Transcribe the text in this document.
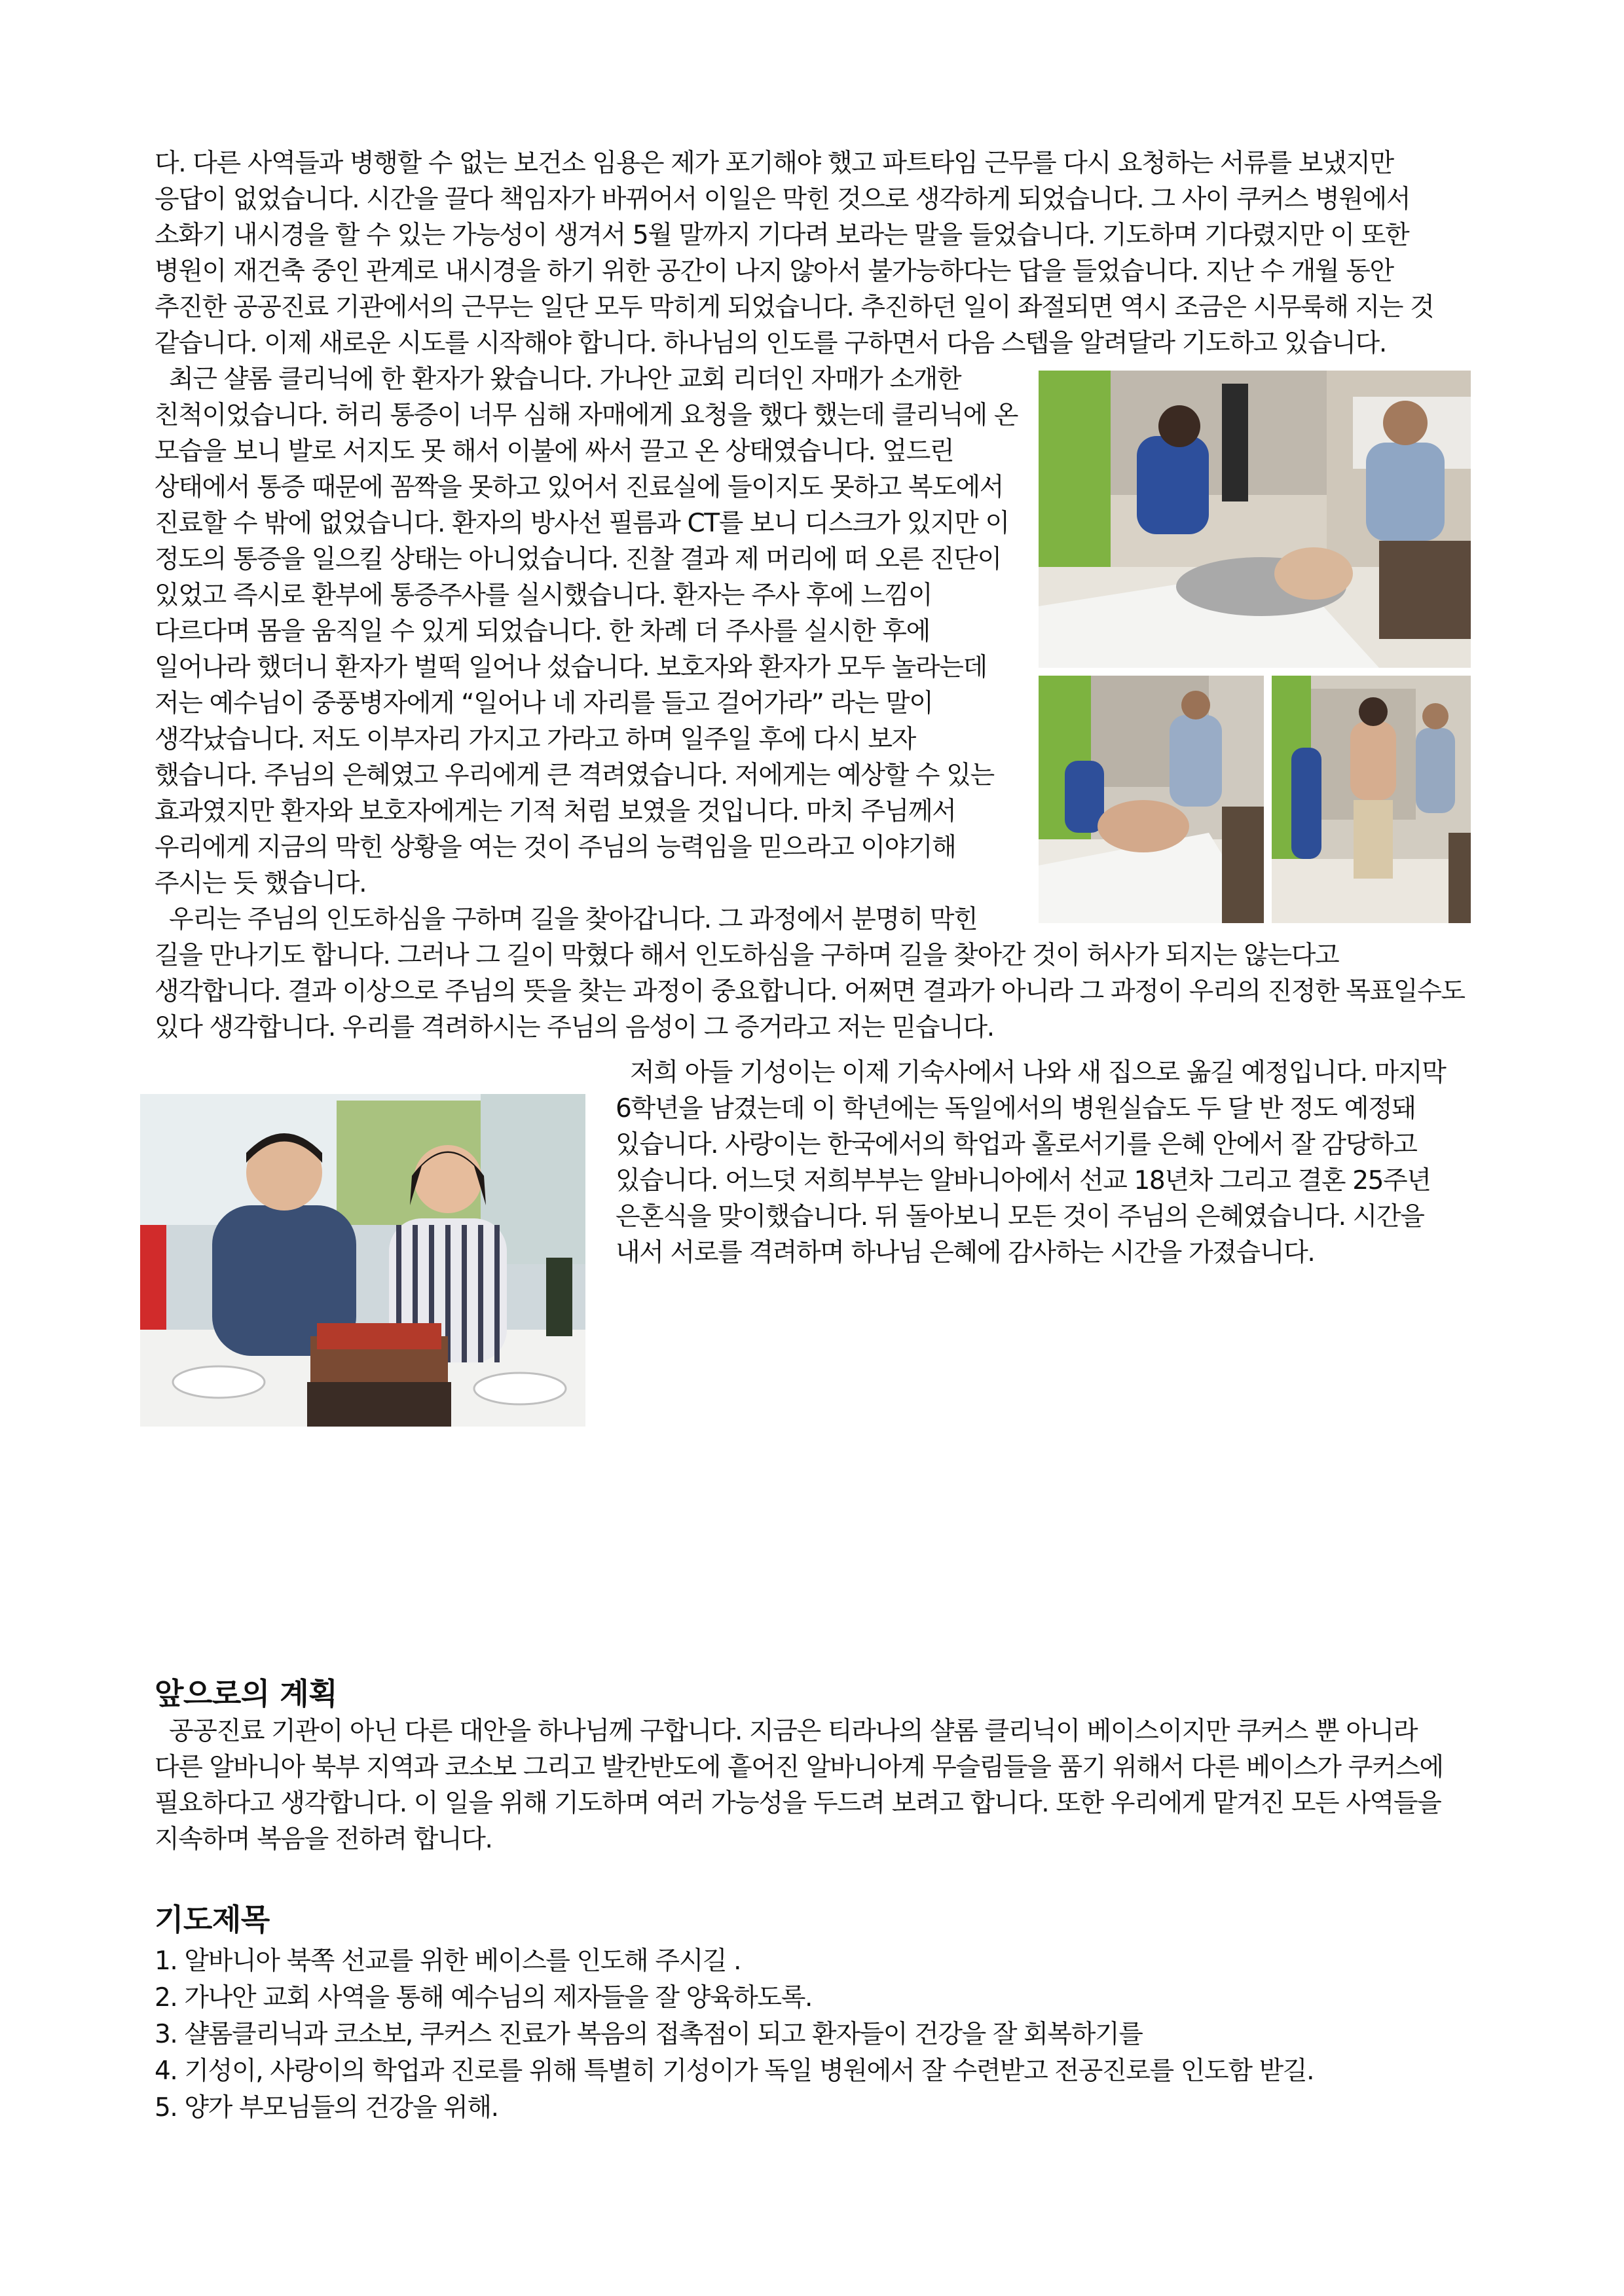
다. 다른 사역들과 병행할 수 없는 보건소 임용은 제가 포기해야 했고 파트타임 근무를 다시 요청하는 서류를 보냈지만 응답이 없었습니다. 시간을 끌다 책임자가 바뀌어서 이일은 막힌 것으로 생각하게 되었습니다. 그 사이 쿠커스 병원에서 소화기 내시경을 할 수 있는 가능성이 생겨서 5월 말까지 기다려 보라는 말을 들었습니다. 기도하며 기다렸지만 이 또한 병원이 재건축 중인 관계로 내시경을 하기 위한 공간이 나지 않아서 불가능하다는 답을 들었습니다. 지난 수 개월 동안 추진한 공공진료 기관에서의 근무는 일단 모두 막히게 되었습니다. 추진하던 일이 좌절되면 역시 조금은 시무룩해 지는 것 같습니다. 이제 새로운 시도를 시작해야 합니다. 하나님의 인도를 구하면서 다음 스텝을 알려달라 기도하고 있습니다.

최근 샬롬 클리닉에 한 환자가 왔습니다. 가나안 교회 리더인 자매가 소개한 친척이었습니다. 허리 통증이 너무 심해 자매에게 요청을 했다 했는데 클리닉에 온 모습을 보니 발로 서지도 못 해서 이불에 싸서 끌고 온 상태였습니다. 엎드린 상태에서 통증 때문에 꼼짝을 못하고 있어서 진료실에 들이지도 못하고 복도에서 진료할 수 밖에 없었습니다. 환자의 방사선 필름과 CT를 보니 디스크가 있지만 이 정도의 통증을 일으킬 상태는 아니었습니다. 진찰 결과 제 머리에 떠 오른 진단이 있었고 즉시로 환부에 통증주사를 실시했습니다. 환자는 주사 후에 느낌이 다르다며 몸을 움직일 수 있게 되었습니다. 한 차례 더 주사를 실시한 후에 일어나라 했더니 환자가 벌떡 일어나 섰습니다. 보호자와 환자가 모두 놀라는데 저는 예수님이 중풍병자에게 “일어나 네 자리를 들고 걸어가라” 라는 말이 생각났습니다. 저도 이부자리 가지고 가라고 하며 일주일 후에 다시 보자 했습니다. 주님의 은혜였고 우리에게 큰 격려였습니다. 저에게는 예상할 수 있는 효과였지만 환자와 보호자에게는 기적 처럼 보였을 것입니다. 마치 주님께서 우리에게 지금의 막힌 상황을 여는 것이 주님의 능력임을 믿으라고 이야기해 주시는 듯 했습니다.

우리는 주님의 인도하심을 구하며 길을 찾아갑니다. 그 과정에서 분명히 막힌 길을 만나기도 합니다. 그러나 그 길이 막혔다 해서 인도하심을 구하며 길을 찾아간 것이 허사가 되지는 않는다고 생각합니다. 결과 이상으로 주님의 뜻을 찾는 과정이 중요합니다. 어쩌면 결과가 아니라 그 과정이 우리의 진정한 목표일수도 있다 생각합니다. 우리를 격려하시는 주님의 음성이 그 증거라고 저는 믿습니다.

저희 아들 기성이는 이제 기숙사에서 나와 새 집으로 옮길 예정입니다. 마지막 6학년을 남겼는데 이 학년에는 독일에서의 병원실습도 두 달 반 정도 예정돼 있습니다. 사랑이는 한국에서의 학업과 홀로서기를 은혜 안에서 잘 감당하고 있습니다. 어느덧 저희부부는 알바니아에서 선교 18년차 그리고 결혼 25주년 은혼식을 맞이했습니다. 뒤 돌아보니 모든 것이 주님의 은혜였습니다. 시간을 내서 서로를 격려하며 하나님 은혜에 감사하는 시간을 가졌습니다.

앞으로의 계획

공공진료 기관이 아닌 다른 대안을 하나님께 구합니다. 지금은 티라나의 샬롬 클리닉이 베이스이지만 쿠커스 뿐 아니라 다른 알바니아 북부 지역과 코소보 그리고 발칸반도에 흩어진 알바니아계 무슬림들을 품기 위해서 다른 베이스가 쿠커스에 필요하다고 생각합니다. 이 일을 위해 기도하며 여러 가능성을 두드려 보려고 합니다. 또한 우리에게 맡겨진 모든 사역들을 지속하며 복음을 전하려 합니다.

기도제목

1. 알바니아 북쪽 선교를 위한 베이스를 인도해 주시길 .

2. 가나안 교회 사역을 통해 예수님의 제자들을 잘 양육하도록.

3. 샬롬클리닉과 코소보, 쿠커스 진료가 복음의 접촉점이 되고 환자들이 건강을 잘 회복하기를

4. 기성이, 사랑이의 학업과 진로를 위해 특별히 기성이가 독일 병원에서 잘 수련받고 전공진로를 인도함 받길.

5. 양가 부모님들의 건강을 위해.
